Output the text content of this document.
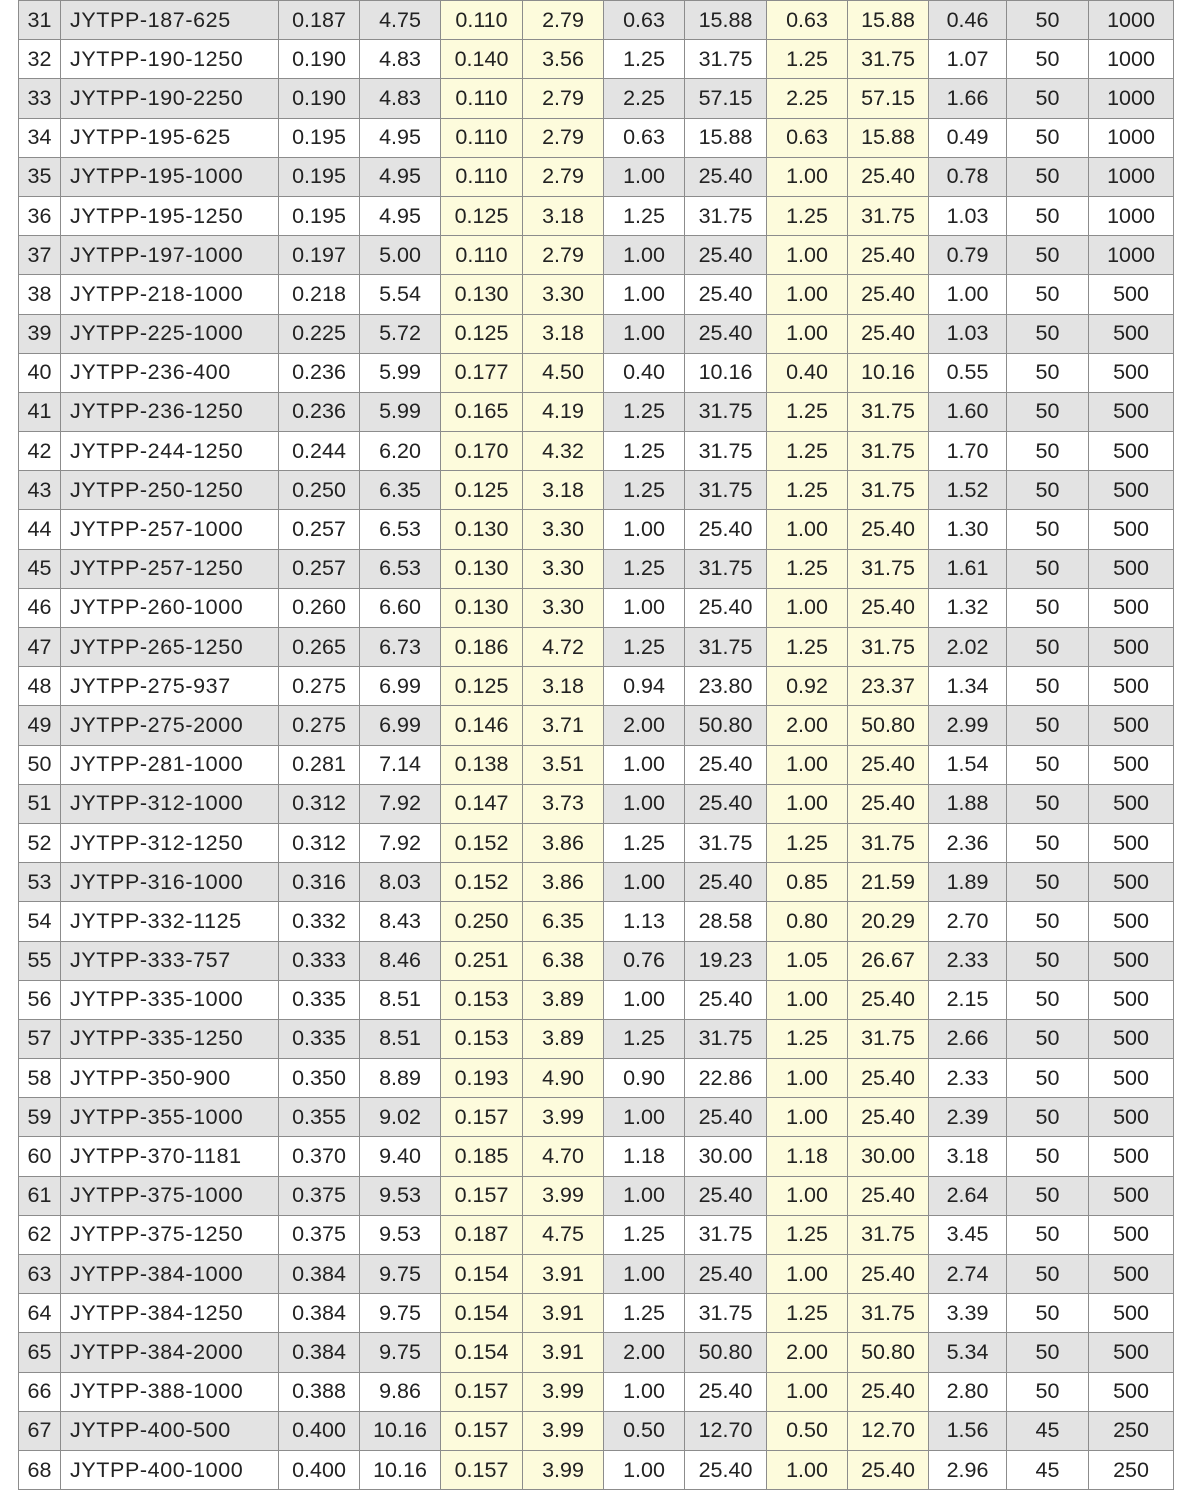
31	JYTPP-187-625	0.187	4.75	0.110	2.79	0.63	15.88	0.63	15.88	0.46	50	1000
32	JYTPP-190-1250	0.190	4.83	0.140	3.56	1.25	31.75	1.25	31.75	1.07	50	1000
33	JYTPP-190-2250	0.190	4.83	0.110	2.79	2.25	57.15	2.25	57.15	1.66	50	1000
34	JYTPP-195-625	0.195	4.95	0.110	2.79	0.63	15.88	0.63	15.88	0.49	50	1000
35	JYTPP-195-1000	0.195	4.95	0.110	2.79	1.00	25.40	1.00	25.40	0.78	50	1000
36	JYTPP-195-1250	0.195	4.95	0.125	3.18	1.25	31.75	1.25	31.75	1.03	50	1000
37	JYTPP-197-1000	0.197	5.00	0.110	2.79	1.00	25.40	1.00	25.40	0.79	50	1000
38	JYTPP-218-1000	0.218	5.54	0.130	3.30	1.00	25.40	1.00	25.40	1.00	50	500
39	JYTPP-225-1000	0.225	5.72	0.125	3.18	1.00	25.40	1.00	25.40	1.03	50	500
40	JYTPP-236-400	0.236	5.99	0.177	4.50	0.40	10.16	0.40	10.16	0.55	50	500
41	JYTPP-236-1250	0.236	5.99	0.165	4.19	1.25	31.75	1.25	31.75	1.60	50	500
42	JYTPP-244-1250	0.244	6.20	0.170	4.32	1.25	31.75	1.25	31.75	1.70	50	500
43	JYTPP-250-1250	0.250	6.35	0.125	3.18	1.25	31.75	1.25	31.75	1.52	50	500
44	JYTPP-257-1000	0.257	6.53	0.130	3.30	1.00	25.40	1.00	25.40	1.30	50	500
45	JYTPP-257-1250	0.257	6.53	0.130	3.30	1.25	31.75	1.25	31.75	1.61	50	500
46	JYTPP-260-1000	0.260	6.60	0.130	3.30	1.00	25.40	1.00	25.40	1.32	50	500
47	JYTPP-265-1250	0.265	6.73	0.186	4.72	1.25	31.75	1.25	31.75	2.02	50	500
48	JYTPP-275-937	0.275	6.99	0.125	3.18	0.94	23.80	0.92	23.37	1.34	50	500
49	JYTPP-275-2000	0.275	6.99	0.146	3.71	2.00	50.80	2.00	50.80	2.99	50	500
50	JYTPP-281-1000	0.281	7.14	0.138	3.51	1.00	25.40	1.00	25.40	1.54	50	500
51	JYTPP-312-1000	0.312	7.92	0.147	3.73	1.00	25.40	1.00	25.40	1.88	50	500
52	JYTPP-312-1250	0.312	7.92	0.152	3.86	1.25	31.75	1.25	31.75	2.36	50	500
53	JYTPP-316-1000	0.316	8.03	0.152	3.86	1.00	25.40	0.85	21.59	1.89	50	500
54	JYTPP-332-1125	0.332	8.43	0.250	6.35	1.13	28.58	0.80	20.29	2.70	50	500
55	JYTPP-333-757	0.333	8.46	0.251	6.38	0.76	19.23	1.05	26.67	2.33	50	500
56	JYTPP-335-1000	0.335	8.51	0.153	3.89	1.00	25.40	1.00	25.40	2.15	50	500
57	JYTPP-335-1250	0.335	8.51	0.153	3.89	1.25	31.75	1.25	31.75	2.66	50	500
58	JYTPP-350-900	0.350	8.89	0.193	4.90	0.90	22.86	1.00	25.40	2.33	50	500
59	JYTPP-355-1000	0.355	9.02	0.157	3.99	1.00	25.40	1.00	25.40	2.39	50	500
60	JYTPP-370-1181	0.370	9.40	0.185	4.70	1.18	30.00	1.18	30.00	3.18	50	500
61	JYTPP-375-1000	0.375	9.53	0.157	3.99	1.00	25.40	1.00	25.40	2.64	50	500
62	JYTPP-375-1250	0.375	9.53	0.187	4.75	1.25	31.75	1.25	31.75	3.45	50	500
63	JYTPP-384-1000	0.384	9.75	0.154	3.91	1.00	25.40	1.00	25.40	2.74	50	500
64	JYTPP-384-1250	0.384	9.75	0.154	3.91	1.25	31.75	1.25	31.75	3.39	50	500
65	JYTPP-384-2000	0.384	9.75	0.154	3.91	2.00	50.80	2.00	50.80	5.34	50	500
66	JYTPP-388-1000	0.388	9.86	0.157	3.99	1.00	25.40	1.00	25.40	2.80	50	500
67	JYTPP-400-500	0.400	10.16	0.157	3.99	0.50	12.70	0.50	12.70	1.56	45	250
68	JYTPP-400-1000	0.400	10.16	0.157	3.99	1.00	25.40	1.00	25.40	2.96	45	250
